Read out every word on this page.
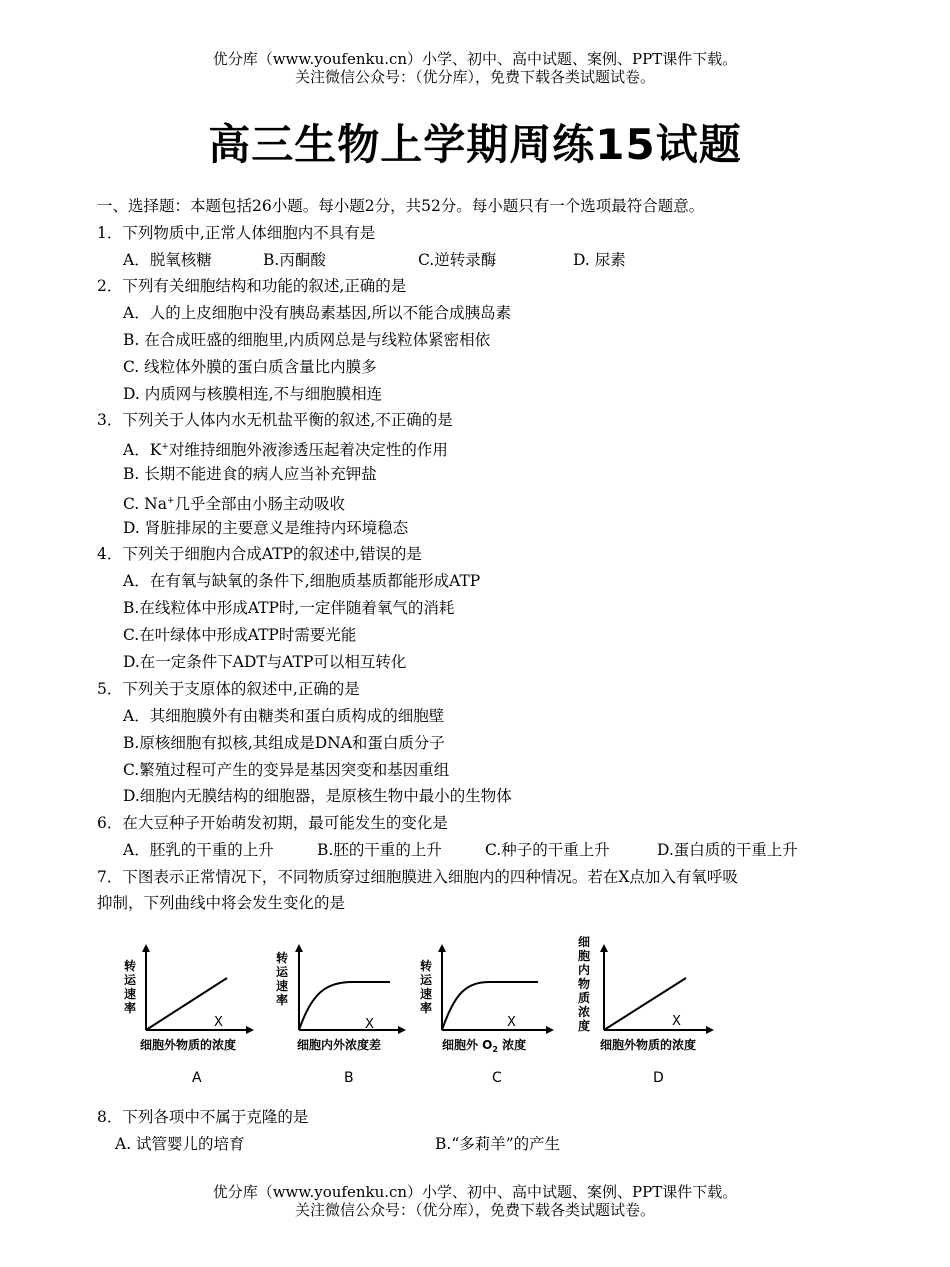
优分库（www.youfenku.cn）小学、初中、高中试题、案例、PPT课件下载。
关注微信公众号：（优分库），免费下载各类试题试卷。
高三生物上学期周练15试题
一、选择题：本题包括26小题。每小题2分，共52分。每小题只有一个选项最符合题意。
1．下列物质中,正常人体细胞内不具有是
A．脱氧核糖	B.丙酮酸	C.逆转录酶	D. 尿素
2．下列有关细胞结构和功能的叙述,正确的是
A．人的上皮细胞中没有胰岛素基因,所以不能合成胰岛素
B. 在合成旺盛的细胞里,内质网总是与线粒体紧密相依
C. 线粒体外膜的蛋白质含量比内膜多
D. 内质网与核膜相连,不与细胞膜相连
3．下列关于人体内水无机盐平衡的叙述,不正确的是
A．K+对维持细胞外液渗透压起着决定性的作用
B. 长期不能进食的病人应当补充钾盐
C. Na+几乎全部由小肠主动吸收
D. 肾脏排尿的主要意义是维持内环境稳态
4．下列关于细胞内合成ATP的叙述中,错误的是
A．在有氧与缺氧的条件下,细胞质基质都能形成ATP
B.在线粒体中形成ATP时,一定伴随着氧气的消耗
C.在叶绿体中形成ATP时需要光能
D.在一定条件下ADT与ATP可以相互转化
5．下列关于支原体的叙述中,正确的是
A．其细胞膜外有由糖类和蛋白质构成的细胞壁
B.原核细胞有拟核,其组成是DNA和蛋白质分子
C.繁殖过程可产生的变异是基因突变和基因重组
D.细胞内无膜结构的细胞器，是原核生物中最小的生物体
6．在大豆种子开始萌发初期，最可能发生的变化是
A．胚乳的干重的上升	B.胚的干重的上升	C.种子的干重上升	D.蛋白质的干重上升
7．下图表示正常情况下，不同物质穿过细胞膜进入细胞内的四种情况。若在X点加入有氧呼吸
抑制，下列曲线中将会发生变化的是
转
运
速
率
X
细胞外物质的浓度
A
转
运
速
率
X
细胞内外浓度差
B
转
运
速
率
X
细胞外 $O_2$ 浓度
C
细
胞
内
物
质
浓
度	X
细胞外物质的浓度
D
8．下列各项中不属于克隆的是
A. 试管婴儿的培育	B.“多莉羊”的产生
优分库（www.youfenku.cn）小学、初中、高中试题、案例、PPT课件下载。
关注微信公众号：（优分库），免费下载各类试题试卷。
